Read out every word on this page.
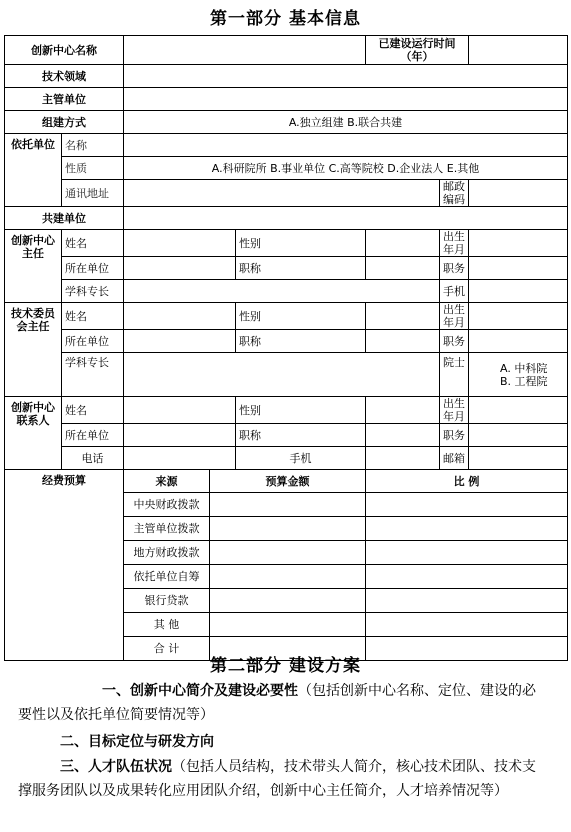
第一部分 基本信息
创新中心名称					已建设运行时间（年）		
技术领域							
主管单位							
组建方式		A.独立组建 B.联合共建					
依托单位	名称						
	性质	A.科研院所 B.事业单位 C.高等院校 D.企业法人 E.其他					
	通讯地址					邮政编码	
共建单位							
创新中心主任	姓名			性别		出生年月	
	所在单位			职称		职务	
	学科专长					手机	
技术委员会主任	姓名			性别		出生年月	
	所在单位			职称		职务	
	学科专长					院士	A. 中科院
B. 工程院

创新中心联系人	姓名			性别		出生年月	
	所在单位			职称		职务	
	电话			手机		邮箱	
经费预算		来源	预算金额		比 例		
		中央财政拨款					
		主管单位拨款					
		地方财政拨款					
		依托单位自筹					
		银行贷款					
		其 他					
		合 计					
第二部分 建设方案
一、创新中心简介及建设必要性（包括创新中心名称、定位、建设的必要性以及依托单位简要情况等）
二、目标定位与研发方向
三、人才队伍状况（包括人员结构，技术带头人简介，核心技术团队、技术支撑服务团队以及成果转化应用团队介绍，创新中心主任简介，人才培养情况等）
